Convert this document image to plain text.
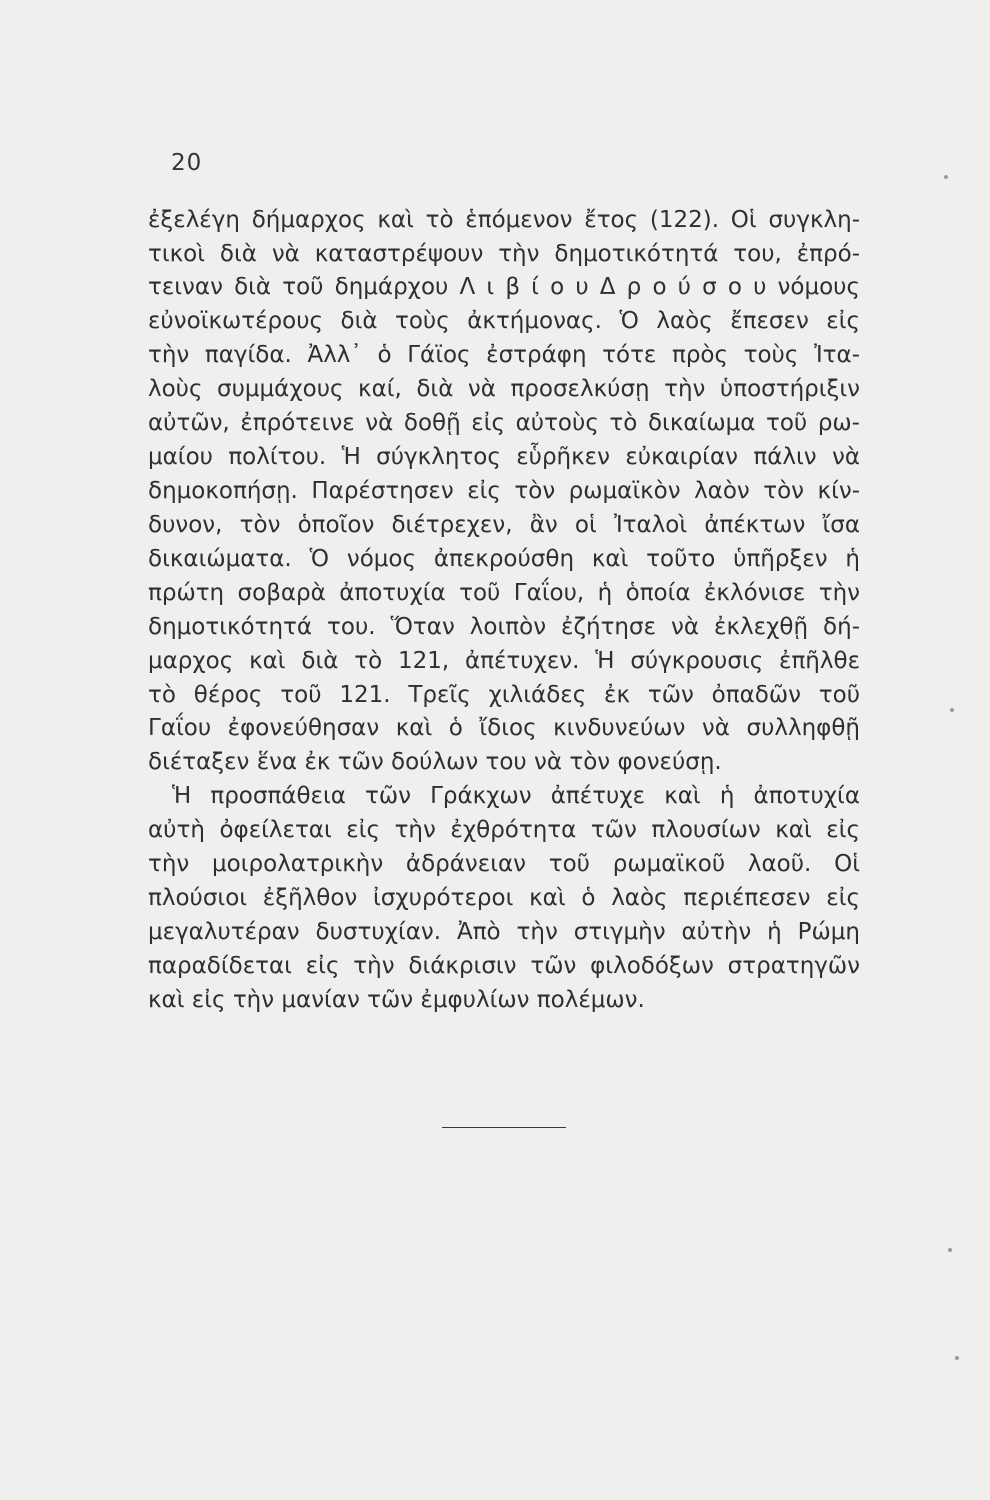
20
ἐξελέγη δήμαρχος καὶ τὸ ἑπόμενον ἔτος (122). Οἱ συγκλη-
τικοὶ διὰ νὰ καταστρέψουν τὴν δημοτικότητά του, ἐπρό-
τειναν διὰ τοῦ δημάρχου Λ ι β ί ο υ Δ ρ ο ύ σ ο υ νόμους
εὐνοϊκωτέρους διὰ τοὺς ἀκτήμονας. Ὁ λαὸς ἔπεσεν εἰς
τὴν παγίδα. Ἀλλ᾽ ὁ Γάϊος ἐστράφη τότε πρὸς τοὺς Ἰτα-
λοὺς συμμάχους καί, διὰ νὰ προσελκύσῃ τὴν ὑποστήριξιν
αὐτῶν, ἐπρότεινε νὰ δοθῇ εἰς αὐτοὺς τὸ δικαίωμα τοῦ ρω-
μαίου πολίτου. Ἡ σύγκλητος εὗρῆκεν εὐκαιρίαν πάλιν νὰ
δημοκοπήσῃ. Παρέστησεν εἰς τὸν ρωμαϊκὸν λαὸν τὸν κίν-
δυνον, τὸν ὁποῖον διέτρεχεν, ἂν οἱ Ἰταλοὶ ἀπέκτων ἴσα
δικαιώματα. Ὁ νόμος ἀπεκρούσθη καὶ τοῦτο ὑπῆρξεν ἡ
πρώτη σοβαρὰ ἀποτυχία τοῦ Γαΐου, ἡ ὁποία ἐκλόνισε τὴν
δημοτικότητά του. Ὅταν λοιπὸν ἐζήτησε νὰ ἐκλεχθῇ δή-
μαρχος καὶ διὰ τὸ 121, ἀπέτυχεν. Ἡ σύγκρουσις ἐπῆλθε
τὸ θέρος τοῦ 121. Τρεῖς χιλιάδες ἐκ τῶν ὀπαδῶν τοῦ
Γαΐου ἐφονεύθησαν καὶ ὁ ἴδιος κινδυνεύων νὰ συλληφθῇ
διέταξεν ἕνα ἐκ τῶν δούλων του νὰ τὸν φονεύσῃ.
Ἡ προσπάθεια τῶν Γράκχων ἀπέτυχε καὶ ἡ ἀποτυχία
αὐτὴ ὀφείλεται εἰς τὴν ἐχθρότητα τῶν πλουσίων καὶ εἰς
τὴν μοιρολατρικὴν ἀδράνειαν τοῦ ρωμαϊκοῦ λαοῦ. Οἱ
πλούσιοι ἐξῆλθον ἰσχυρότεροι καὶ ὁ λαὸς περιέπεσεν εἰς
μεγαλυτέραν δυστυχίαν. Ἀπὸ τὴν στιγμὴν αὐτὴν ἡ Ρώμη
παραδίδεται εἰς τὴν διάκρισιν τῶν φιλοδόξων στρατηγῶν
καὶ εἰς τὴν μανίαν τῶν ἐμφυλίων πολέμων.
